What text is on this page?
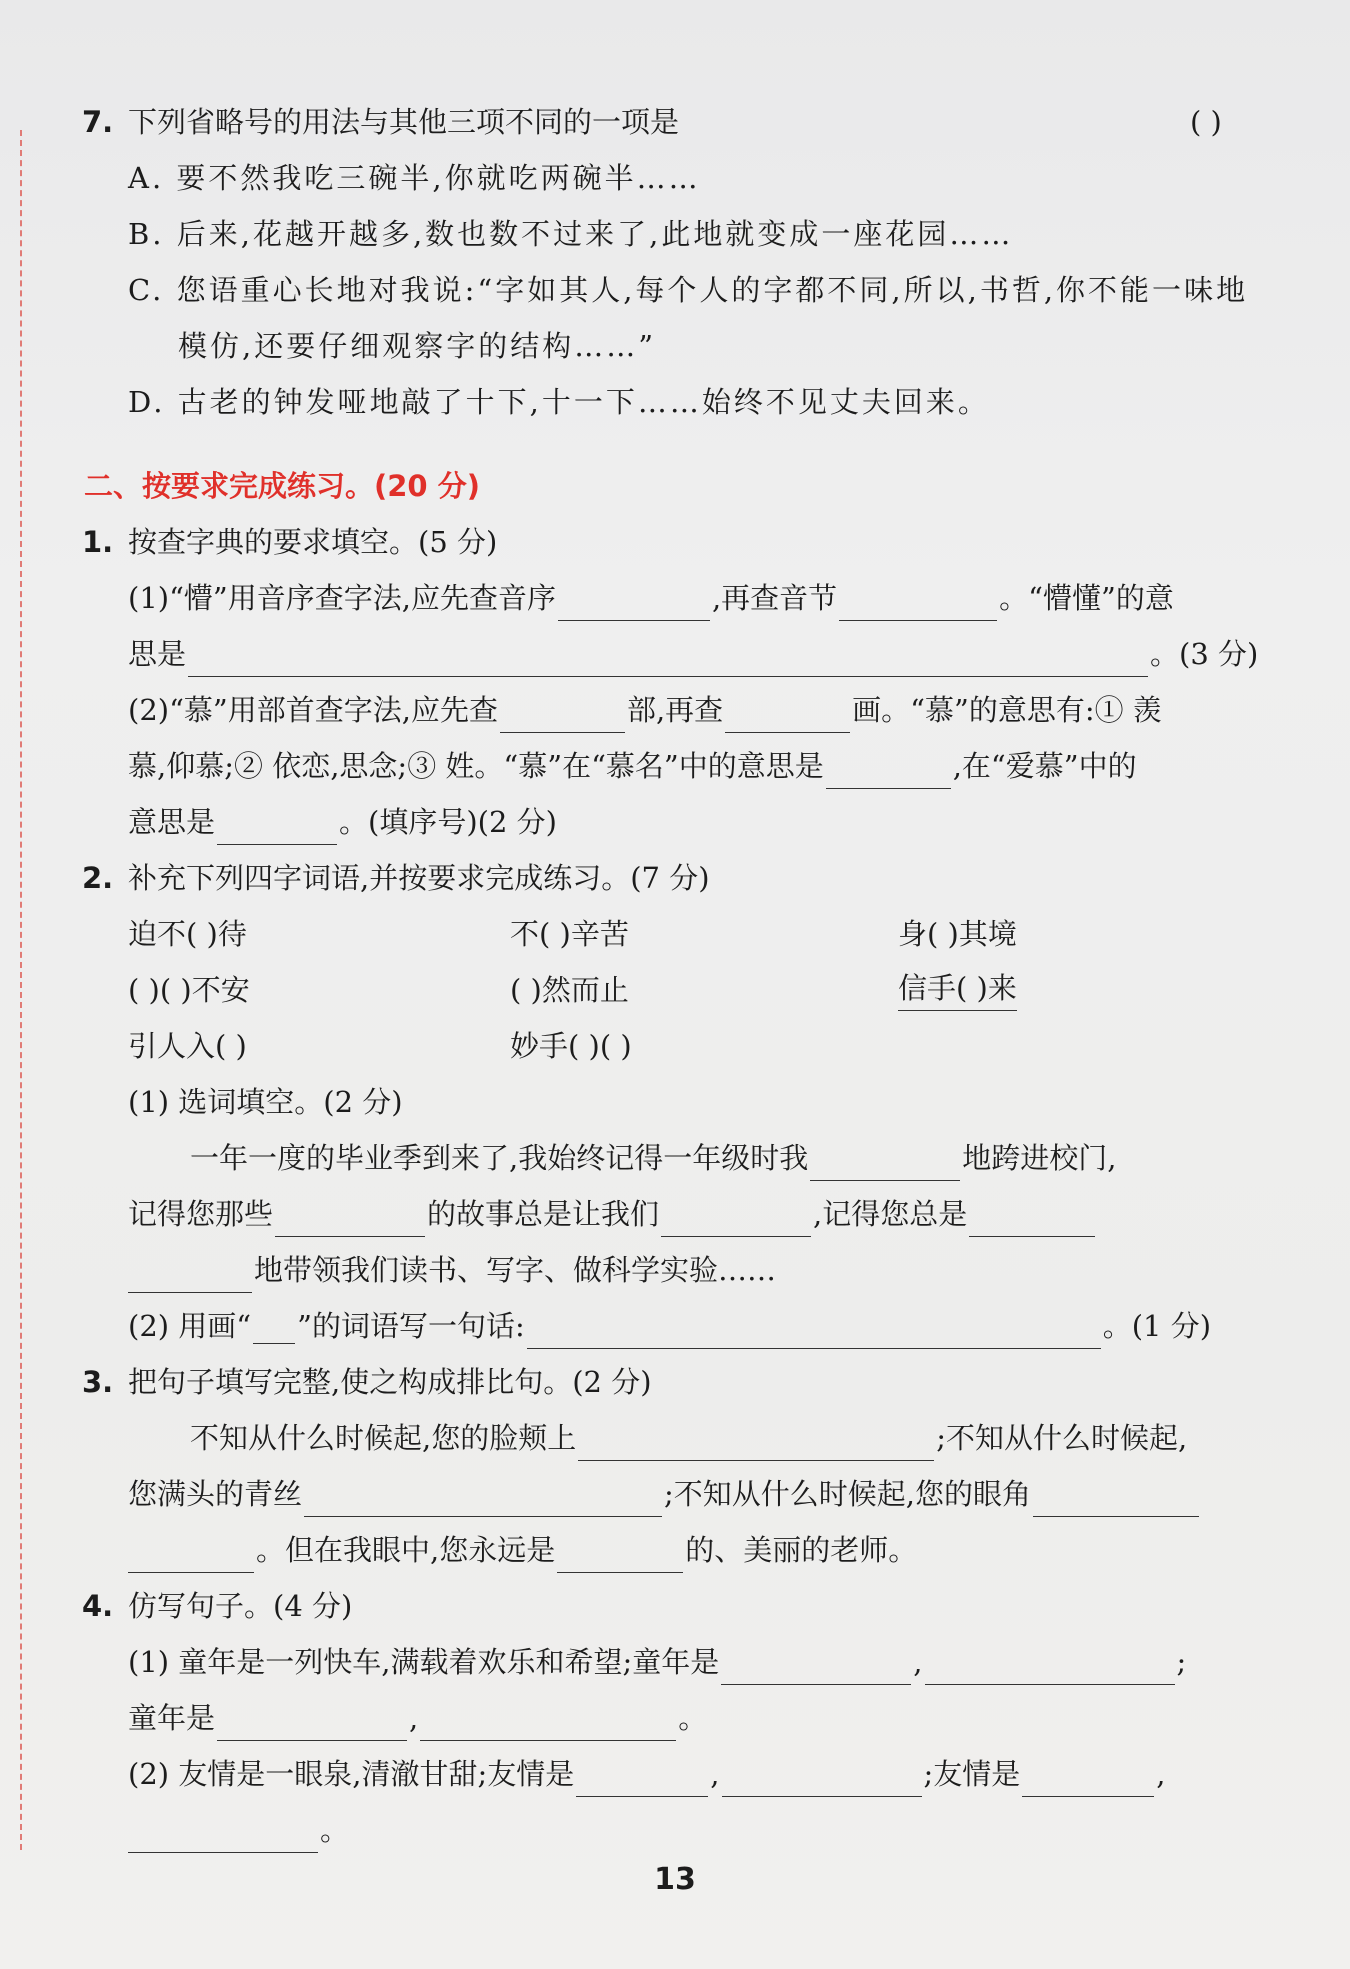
7. 下列省略号的用法与其他三项不同的一项是	( )
A. 要不然我吃三碗半,你就吃两碗半……
B. 后来,花越开越多,数也数不过来了,此地就变成一座花园……
C. 您语重心长地对我说:“字如其人,每个人的字都不同,所以,书哲,你不能一味地
模仿,还要仔细观察字的结构……”
D. 古老的钟发哑地敲了十下,十一下……始终不见丈夫回来。
二、按要求完成练习。(20 分)
1. 按查字典的要求填空。(5 分)
(1)“懵”用音序查字法,应先查音序	,再查音节	。“懵懂”的意
思是	。(3 分)
(2)“慕”用部首查字法,应先查	部,再查	画。“慕”的意思有:① 羡
慕,仰慕;② 依恋,思念;③ 姓。“慕”在“慕名”中的意思是	,在“爱慕”中的
意思是	。(填序号)(2 分)
2. 补充下列四字词语,并按要求完成练习。(7 分)
迫不( )待	不( )辛苦	身( )其境
( )( )不安	( )然而止	信手( )来
引人入( )	妙手( )( )
(1) 选词填空。(2 分)
一年一度的毕业季到来了,我始终记得一年级时我	地跨进校门,
记得您那些	的故事总是让我们	,记得您总是
地带领我们读书、写字、做科学实验……
(2) 用画“ ”的词语写一句话:	。(1 分)
3. 把句子填写完整,使之构成排比句。(2 分)
不知从什么时候起,您的脸颊上	;不知从什么时候起,
您满头的青丝	;不知从什么时候起,您的眼角
。但在我眼中,您永远是	的、美丽的老师。
4. 仿写句子。(4 分)
(1) 童年是一列快车,满载着欢乐和希望;童年是	,	;
童年是	,	。
(2) 友情是一眼泉,清澈甘甜;友情是	,	;友情是	,
。
13
